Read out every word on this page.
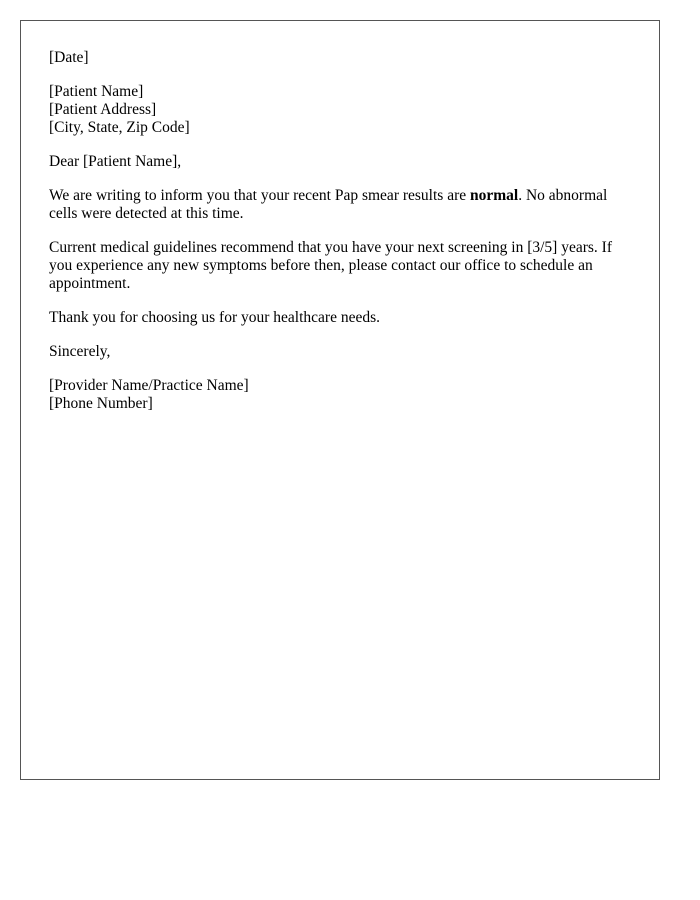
[Date]
[Patient Name]
[Patient Address]
[City, State, Zip Code]

Dear [Patient Name],

We are writing to inform you that your recent Pap smear results are normal. No abnormal cells were detected at this time.

Current medical guidelines recommend that you have your next screening in [3/5] years. If you experience any new symptoms before then, please contact our office to schedule an appointment.

Thank you for choosing us for your healthcare needs.

Sincerely,

[Provider Name/Practice Name]
[Phone Number]
